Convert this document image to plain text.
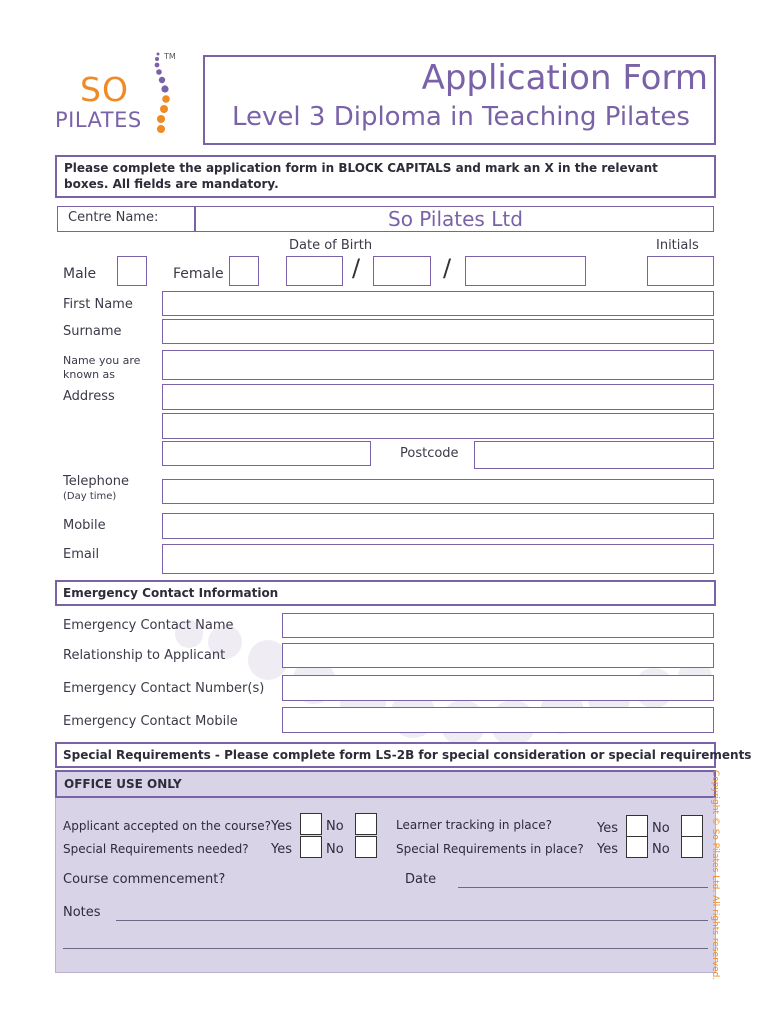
SO
PILATES
TM
Application Form
Level 3 Diploma in Teaching Pilates
Please complete the application form in BLOCK CAPITALS and mark an X in the relevant boxes. All fields are mandatory.
Centre Name:	So Pilates Ltd
Date of Birth	Initials
Male	Female	/	/
First Name
Surname
Name you are known as
Address
Postcode
Telephone
(Day time)
Mobile
Email
Emergency Contact Information
Emergency Contact Name
Relationship to Applicant
Emergency Contact Number(s)
Emergency Contact Mobile
Special Requirements - Please complete form LS-2B for special consideration or special requirements
OFFICE USE ONLY
Applicant accepted on the course? Yes	No
Special Requirements needed? Yes	No
Learner tracking in place?	Yes	No
Special Requirements in place? Yes	No
Course commencement?	Date
Notes	Copyright © So Pilates Ltd. All rights reserved.
